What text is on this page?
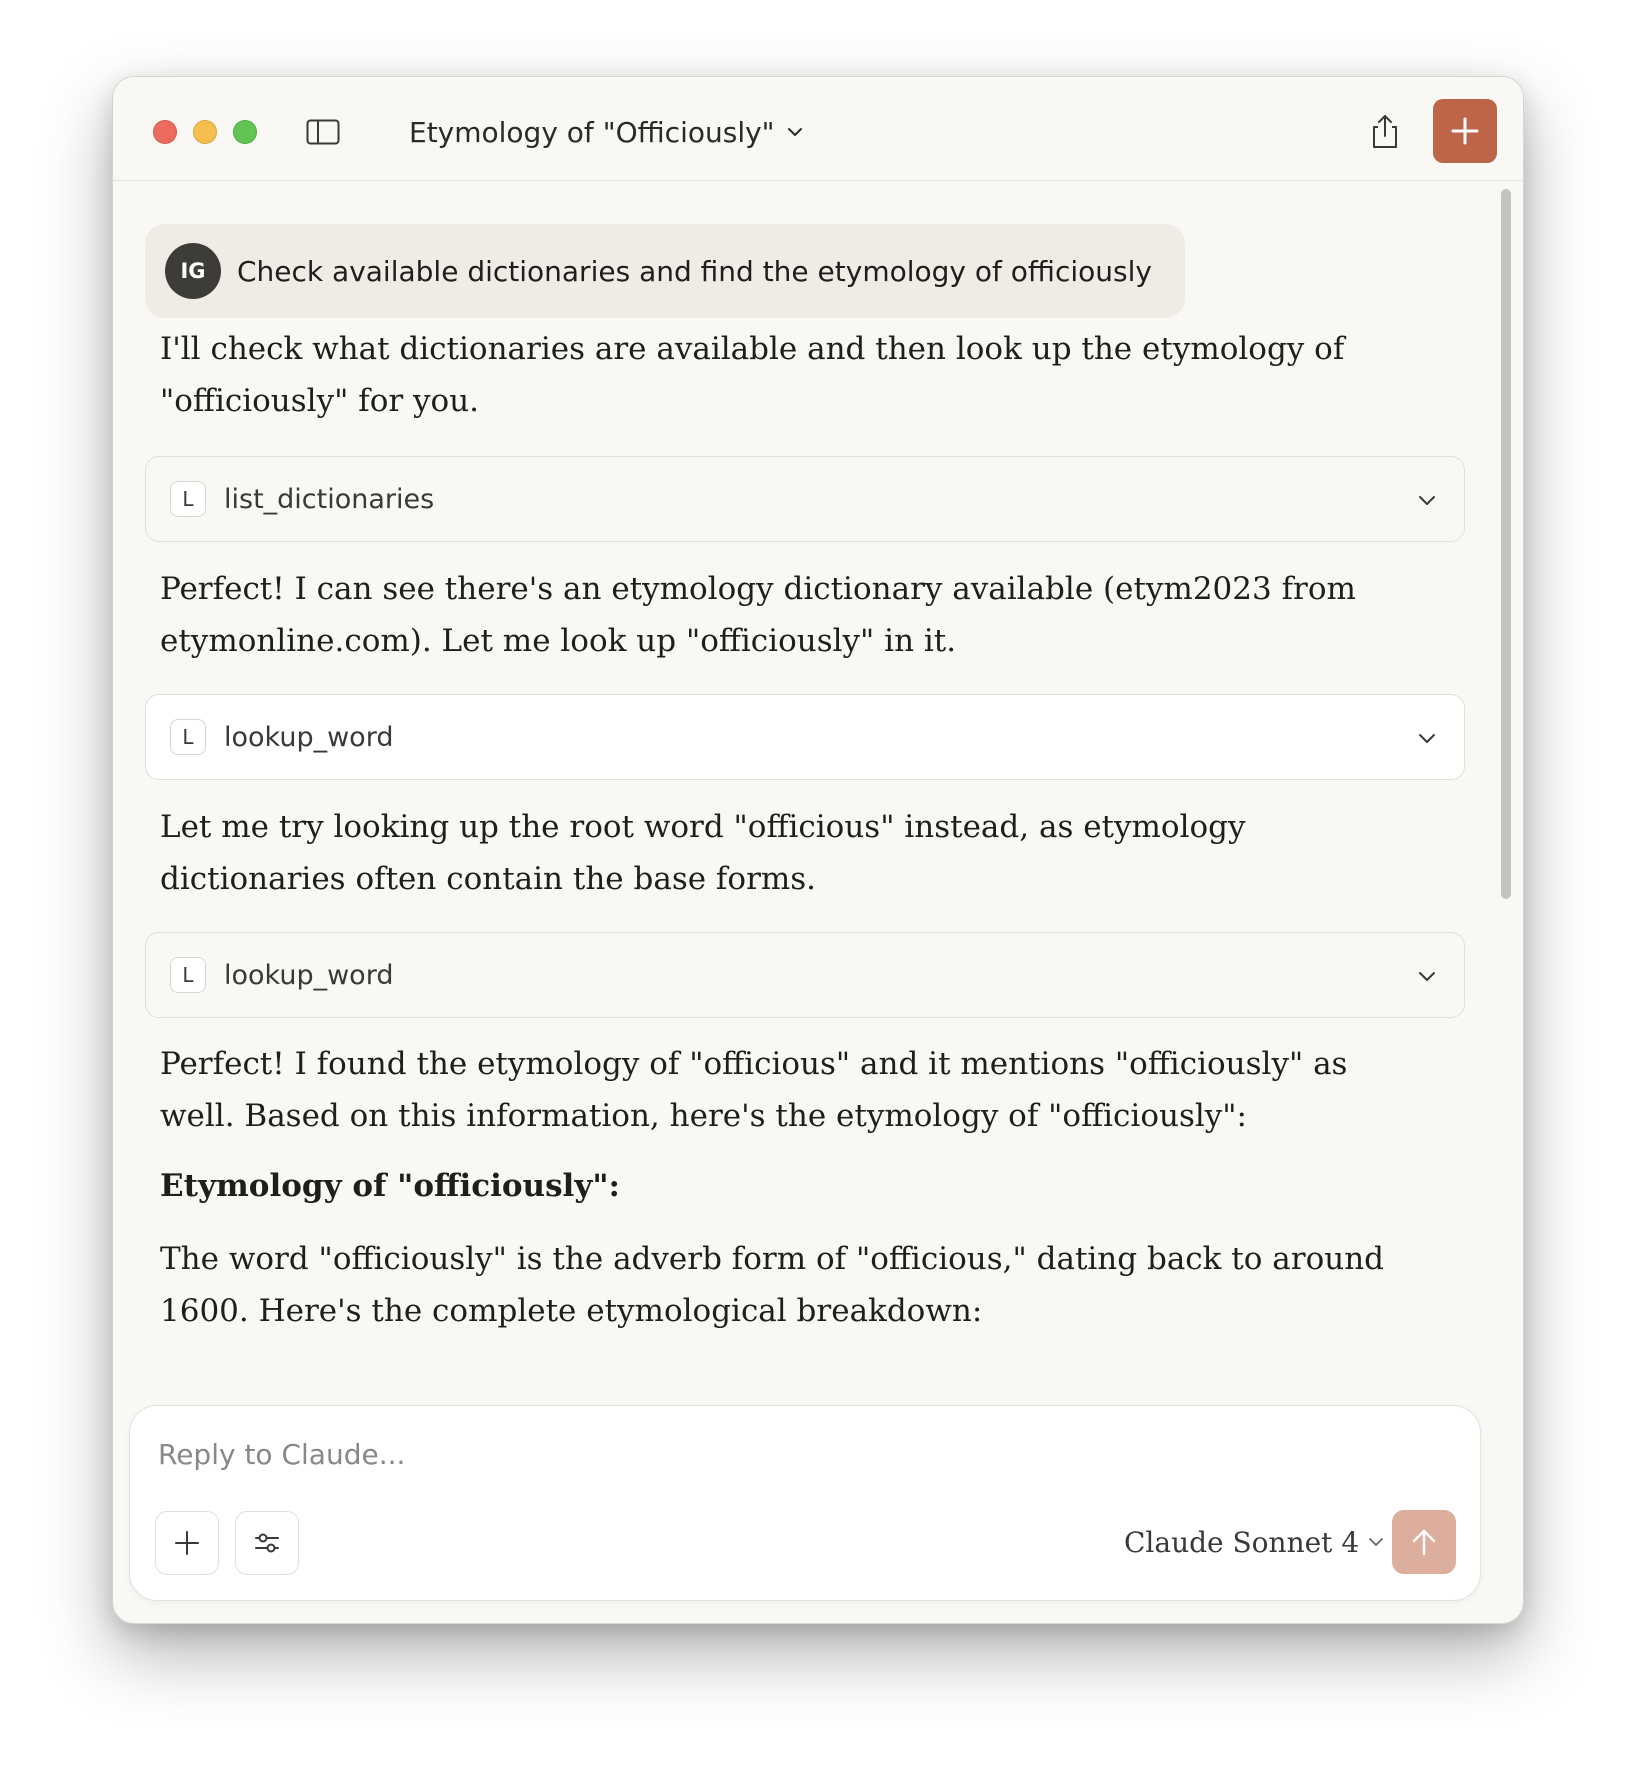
Etymology of "Officiously"
IG	Check available dictionaries and find the etymology of officiously
I'll check what dictionaries are available and then look up the etymology of "officiously" for you.
L	list_dictionaries
Perfect! I can see there's an etymology dictionary available (etym2023 from etymonline.com). Let me look up "officiously" in it.
L	lookup_word
Let me try looking up the root word "officious" instead, as etymology dictionaries often contain the base forms.
L	lookup_word
Perfect! I found the etymology of "officious" and it mentions "officiously" as well. Based on this information, here's the etymology of "officiously":
Etymology of "officiously":
The word "officiously" is the adverb form of "officious," dating back to around 1600. Here's the complete etymological breakdown:
Reply to Claude...
Claude Sonnet 4
